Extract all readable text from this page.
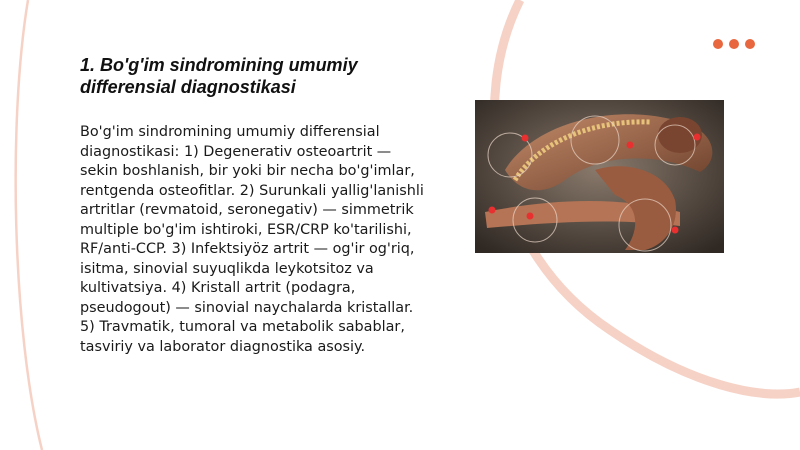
1. Bo'g'im sindromining umumiy differensial diagnostikasi

Bo'g'im sindromining umumiy differensial diagnostikasi: 1) Degenerativ osteoartrit — sekin boshlanish, bir yoki bir necha bo'g'imlar, rentgenda osteofitlar. 2) Surunkali yallig'lanishli artritlar (revmatoid, seronegativ) — simmetrik multiple bo'g'im ishtiroki, ESR/CRP ko'tarilishi, RF/anti-CCP. 3) Infektsiyöz artrit — og'ir og'riq, isitma, sinovial suyuqlikda leykotsitoz va kultivatsiya. 4) Kristall artrit (podagra, pseudogout) — sinovial naychalarda kristallar. 5) Travmatik, tumoral va metabolik sabablar, tasviriy va laborator diagnostika asosiy.
